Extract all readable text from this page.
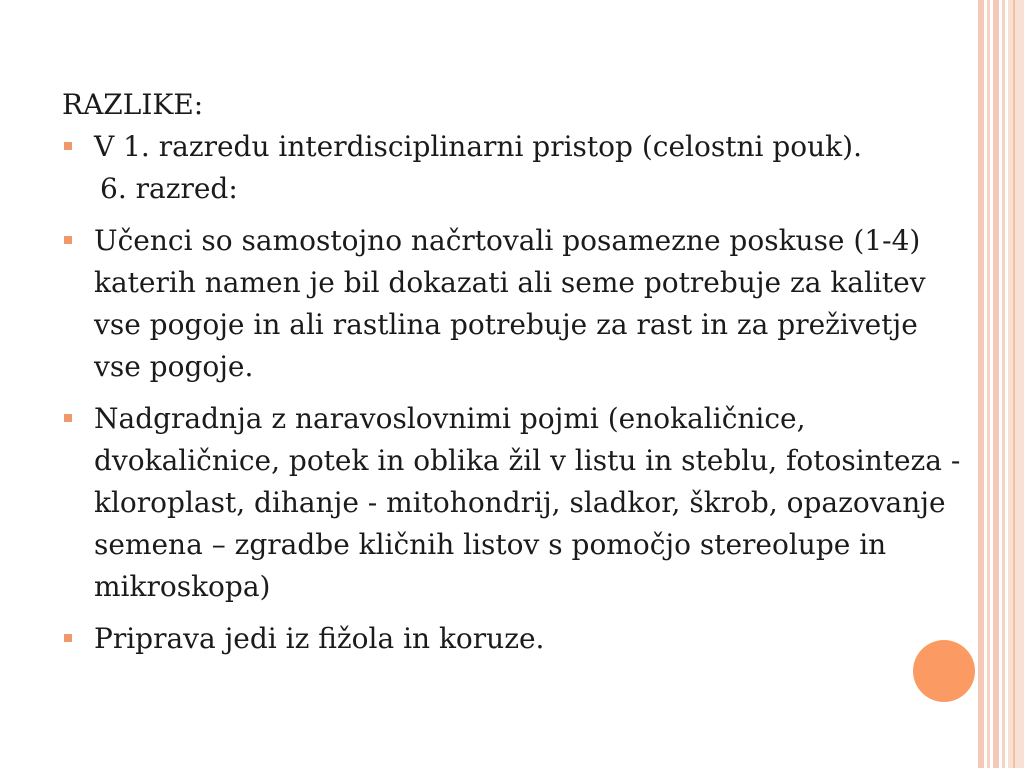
RAZLIKE:
V 1. razredu interdisciplinarni pristop (celostni pouk).
6. razred:
Učenci so samostojno načrtovali posamezne poskuse (1-4) katerih namen je bil dokazati ali seme potrebuje za kalitev vse pogoje in ali rastlina potrebuje za rast in za preživetje vse pogoje.
Nadgradnja z naravoslovnimi pojmi (enokaličnice, dvokaličnice, potek in oblika žil v listu in steblu, fotosinteza - kloroplast, dihanje - mitohondrij, sladkor, škrob, opazovanje semena – zgradbe kličnih listov s pomočjo stereolupe in mikroskopa)
Priprava jedi iz fižola in koruze.
